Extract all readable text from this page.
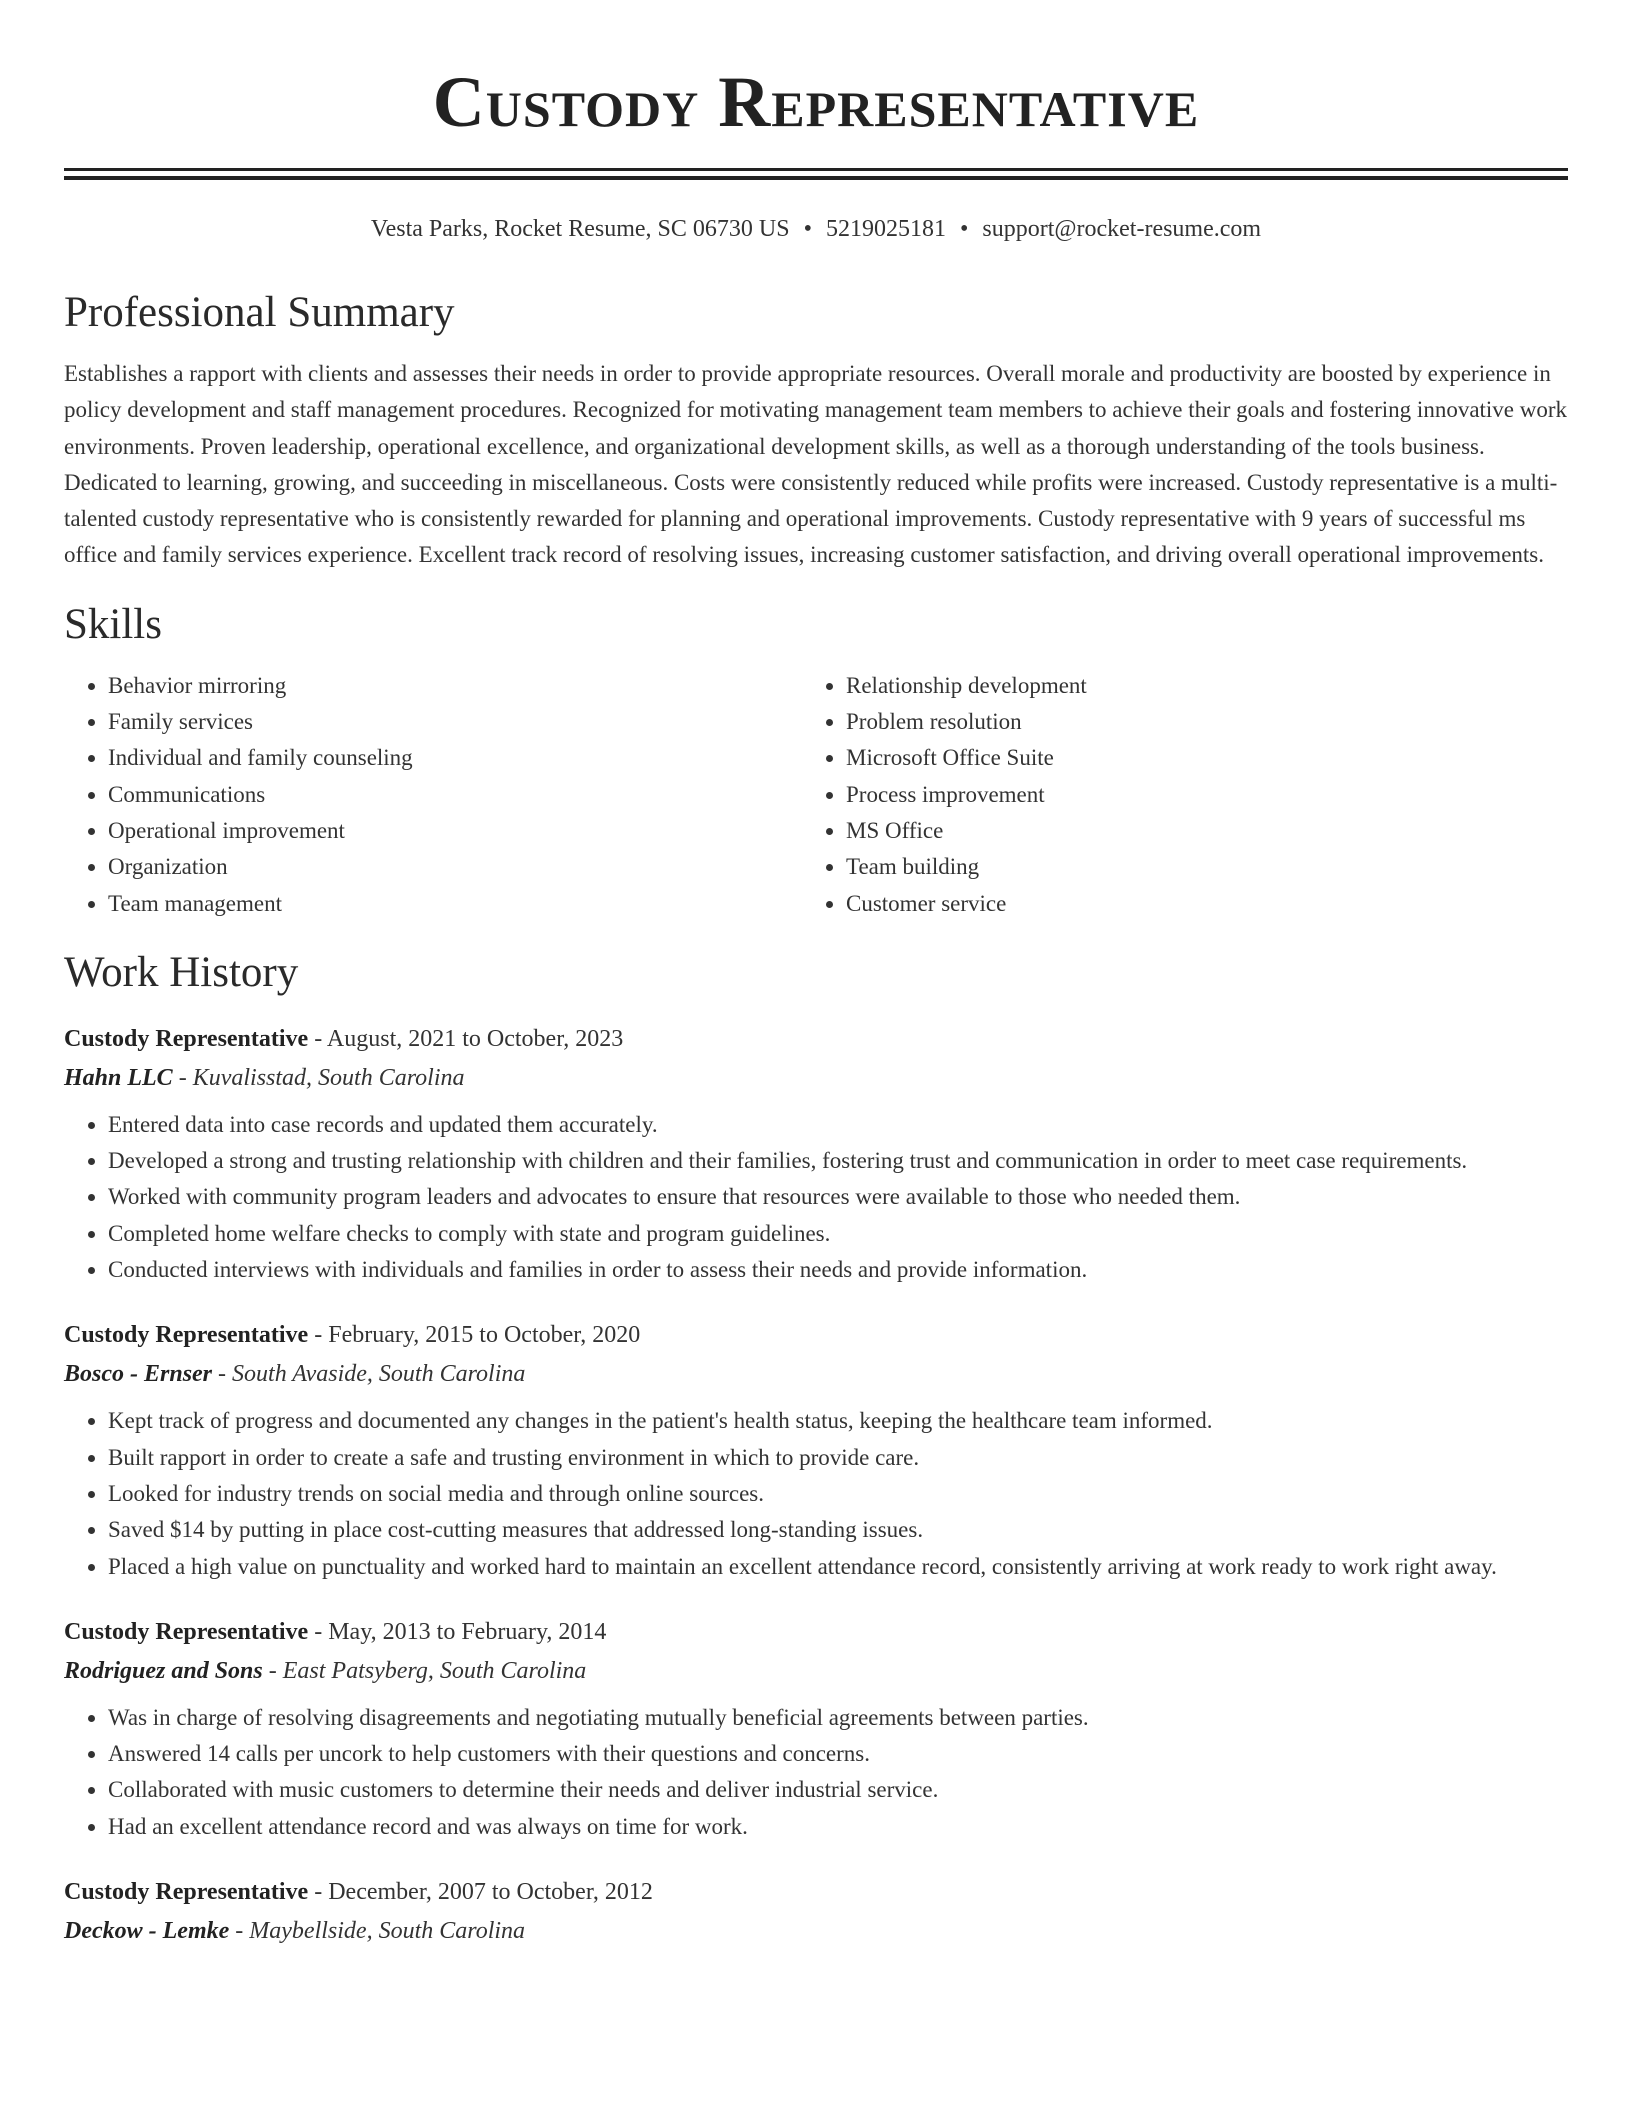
Custody Representative
Vesta Parks, Rocket Resume, SC 06730 US • 5219025181 • support@rocket-resume.com
Professional Summary
Establishes a rapport with clients and assesses their needs in order to provide appropriate resources. Overall morale and productivity are boosted by experience in policy development and staff management procedures. Recognized for motivating management team members to achieve their goals and fostering innovative work environments. Proven leadership, operational excellence, and organizational development skills, as well as a thorough understanding of the tools business. Dedicated to learning, growing, and succeeding in miscellaneous. Costs were consistently reduced while profits were increased. Custody representative is a multi-talented custody representative who is consistently rewarded for planning and operational improvements. Custody representative with 9 years of successful ms office and family services experience. Excellent track record of resolving issues, increasing customer satisfaction, and driving overall operational improvements.
Skills
• Behavior mirroring
• Family services
• Individual and family counseling
• Communications
• Operational improvement
• Organization
• Team management
• Relationship development
• Problem resolution
• Microsoft Office Suite
• Process improvement
• MS Office
• Team building
• Customer service
Work History
Custody Representative - August, 2021 to October, 2023
Hahn LLC - Kuvalisstad, South Carolina
• Entered data into case records and updated them accurately.
• Developed a strong and trusting relationship with children and their families, fostering trust and communication in order to meet case requirements.
• Worked with community program leaders and advocates to ensure that resources were available to those who needed them.
• Completed home welfare checks to comply with state and program guidelines.
• Conducted interviews with individuals and families in order to assess their needs and provide information.
Custody Representative - February, 2015 to October, 2020
Bosco - Ernser - South Avaside, South Carolina
• Kept track of progress and documented any changes in the patient's health status, keeping the healthcare team informed.
• Built rapport in order to create a safe and trusting environment in which to provide care.
• Looked for industry trends on social media and through online sources.
• Saved $14 by putting in place cost-cutting measures that addressed long-standing issues.
• Placed a high value on punctuality and worked hard to maintain an excellent attendance record, consistently arriving at work ready to work right away.
Custody Representative - May, 2013 to February, 2014
Rodriguez and Sons - East Patsyberg, South Carolina
• Was in charge of resolving disagreements and negotiating mutually beneficial agreements between parties.
• Answered 14 calls per uncork to help customers with their questions and concerns.
• Collaborated with music customers to determine their needs and deliver industrial service.
• Had an excellent attendance record and was always on time for work.
Custody Representative - December, 2007 to October, 2012
Deckow - Lemke - Maybellside, South Carolina
